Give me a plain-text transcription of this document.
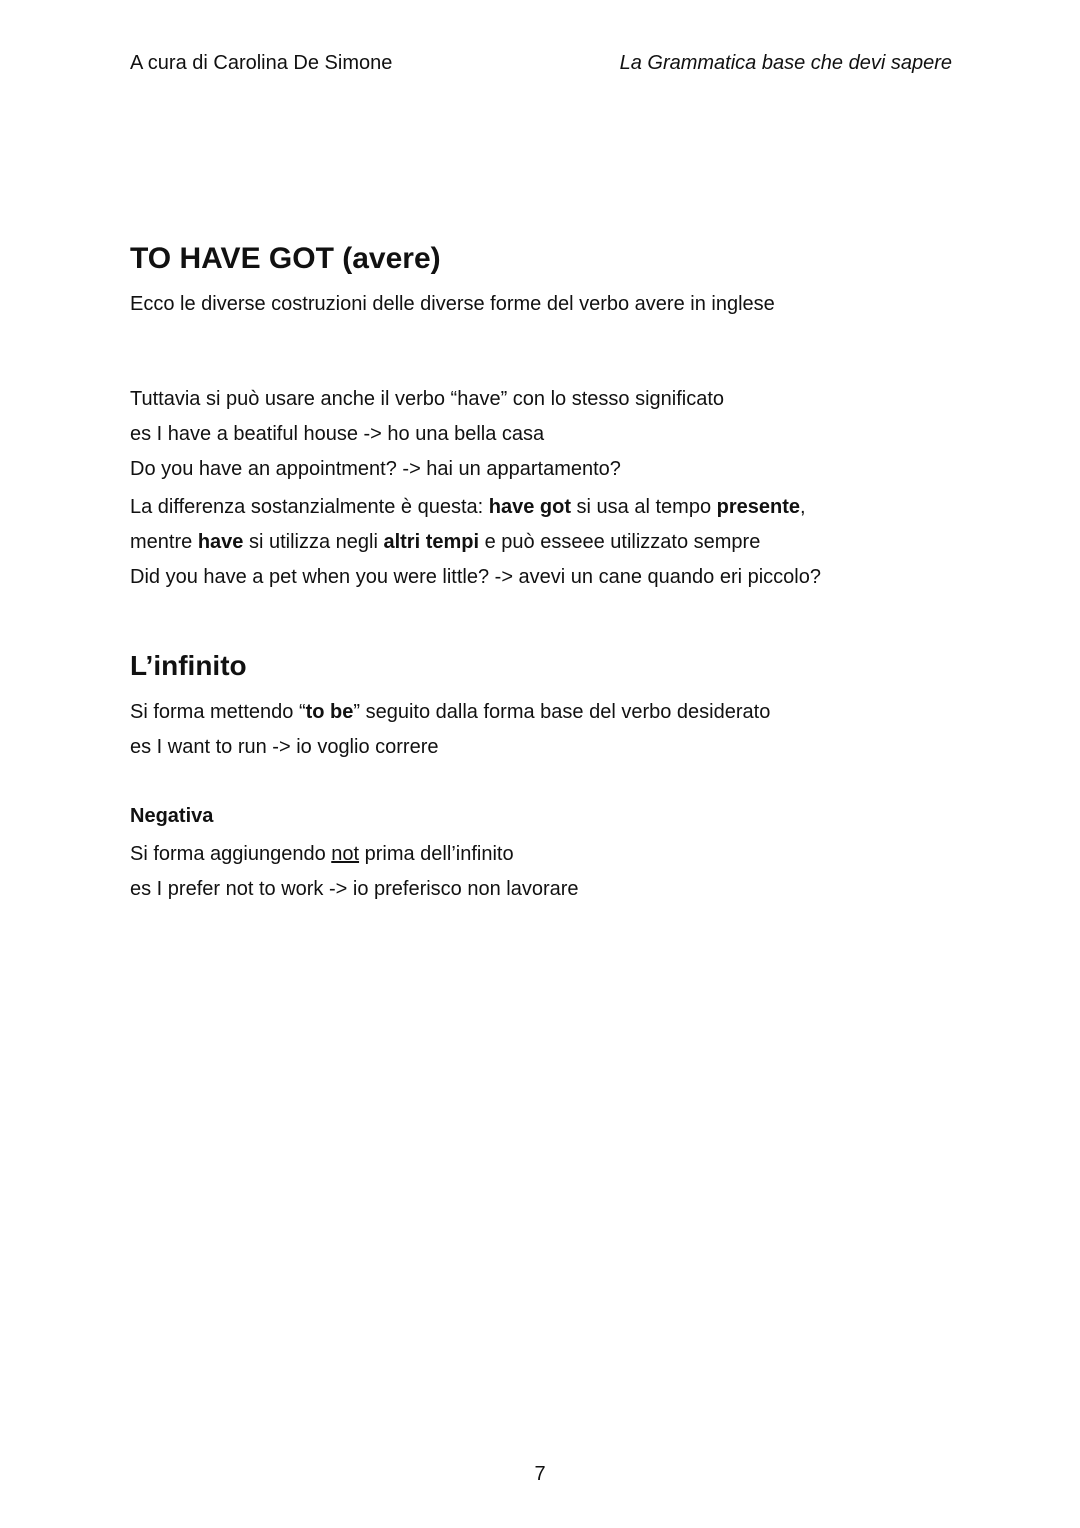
A cura di Carolina De Simone	La Grammatica base che devi sapere
TO HAVE GOT (avere)
Ecco le diverse costruzioni delle diverse forme del verbo avere in inglese
Tuttavia si può usare anche il verbo “have” con lo stesso significato
es I have a beatiful house -> ho una bella casa
Do you have an appointment? -> hai un appartamento?
La differenza sostanzialmente è questa: have got si usa al tempo presente,
mentre have si utilizza negli altri tempi e può esseee utilizzato sempre
Did you have a pet when you were little? -> avevi un cane quando eri piccolo?
L’infinito
Si forma mettendo “to be” seguito dalla forma base del verbo desiderato
es I want to run -> io voglio correre
Negativa
Si forma aggiungendo not prima dell’infinito
es I prefer not to work -> io preferisco non lavorare
7
